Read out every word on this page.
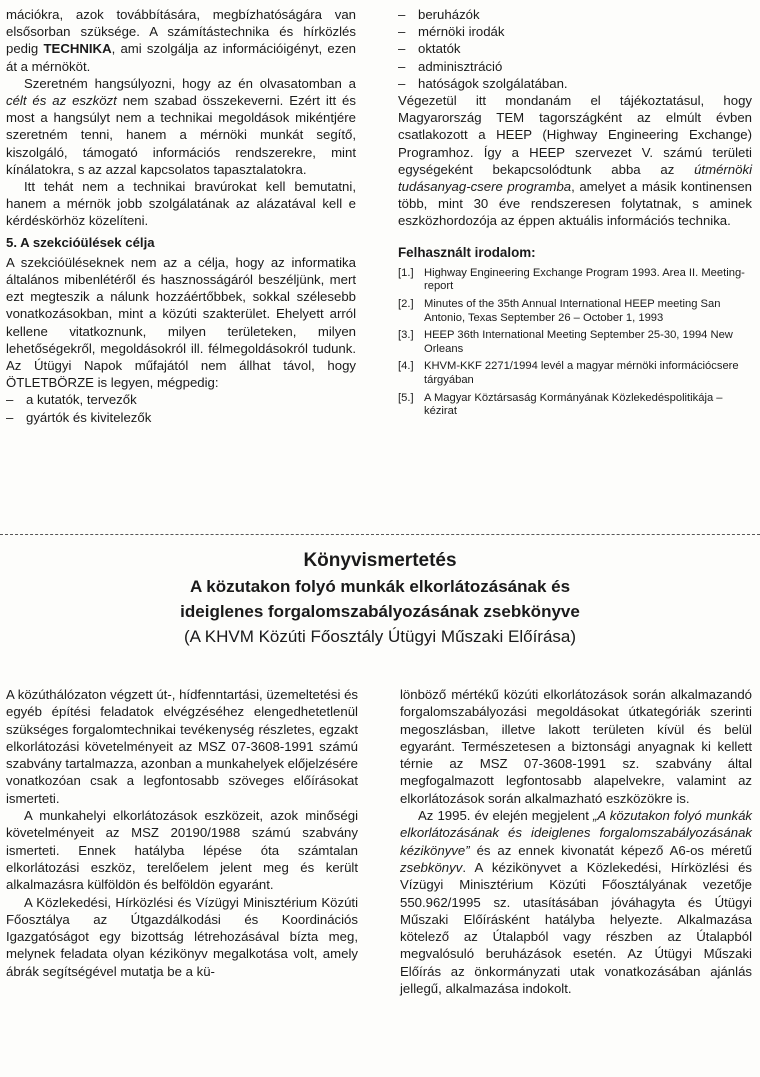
mációkra, azok továbbítására, megbízhatóságára van elsősorban szüksége. A számítástechnika és hírközlés pedig TECHNIKA, ami szolgálja az információigényt, ezen át a mérnököt.

Szeretném hangsúlyozni, hogy az én olvasatomban a célt és az eszközt nem szabad összekeverni. Ezért itt és most a hangsúlyt nem a technikai megoldások mikéntjére szeretném tenni, hanem a mérnöki munkát segítő, kiszolgáló, támogató információs rendszerekre, mint kínálatokra, s az azzal kapcsolatos tapasztalatokra.

Itt tehát nem a technikai bravúrokat kell bemutatni, hanem a mérnök jobb szolgálatának az alázatával kell e kérdéskörhöz közelíteni.

5. A szekcióülések célja

A szekcióüléseknek nem az a célja, hogy az informatika általános mibenlétéről és hasznosságáról beszéljünk, mert ezt megteszik a nálunk hozzáértőbbek, sokkal szélesebb vonatkozásokban, mint a közúti szakterület. Ehelyett arról kellene vitatkoznunk, milyen területeken, milyen lehetőségekről, megoldásokról ill. félmegoldásokról tudunk. Az Útügyi Napok műfajától nem állhat távol, hogy ÖTLETBÖRZE is legyen, mégpedig:

– a kutatók, tervezők
– gyártók és kivitelezők
– beruházók
– mérnöki irodák
– oktatók
– adminisztráció
– hatóságok szolgálatában.

Végezetül itt mondanám el tájékoztatásul, hogy Magyarország TEM tagországként az elmúlt évben csatlakozott a HEEP (Highway Engineering Exchange) Programhoz. Így a HEEP szervezet V. számú területi egységeként bekapcsolódtunk abba az útmérnöki tudásanyag-csere programba, amelyet a másik kontinensen több, mint 30 éve rendszeresen folytatnak, s aminek eszközhordozója az éppen aktuális információs technika.

Felhasznált irodalom:
[1.] Highway Engineering Exchange Program 1993. Area II. Meeting- report
[2.] Minutes of the 35th Annual International HEEP meeting San Antonio, Texas September 26 – October 1, 1993
[3.] HEEP 36th International Meeting September 25-30, 1994 New Orleans
[4.] KHVM-KKF 2271/1994 levél a magyar mérnöki információcsere tárgyában
[5.] A Magyar Köztársaság Kormányának Közlekedéspolitikája – kézirat
Könyvismertetés
A közutakon folyó munkák elkorlátozásának és
ideiglenes forgalomszabályozásának zsebkönyve
(A KHVM Közúti Főosztály Útügyi Műszaki Előírása)

A közúthálózaton végzett út-, hídfenntartási, üzemeltetési és egyéb építési feladatok elvégzéséhez elengedhetetlenül szükséges forgalomtechnikai tevékenység részletes, egzakt elkorlátozási követelményeit az MSZ 07-3608-1991 számú szabvány tartalmazza, azonban a munkahelyek előjelzésére vonatkozóan csak a legfontosabb szöveges előírásokat ismerteti.

A munkahelyi elkorlátozások eszközeit, azok minőségi követelményeit az MSZ 20190/1988 számú szabvány ismerteti. Ennek hatályba lépése óta számtalan elkorlátozási eszköz, terelőelem jelent meg és került alkalmazásra külföldön és belföldön egyaránt.

A Közlekedési, Hírközlési és Vízügyi Minisztérium Közúti Főosztálya az Útgazdálkodási és Koordinációs Igazgatóságot egy bizottság létrehozásával bízta meg, melynek feladata olyan kézikönyv megalkotása volt, amely ábrák segítségével mutatja be a kü-

lönböző mértékű közúti elkorlátozások során alkalmazandó forgalomszabályozási megoldásokat útkategóriák szerinti megoszlásban, illetve lakott területen kívül és belül egyaránt. Természetesen a biztonsági anyagnak ki kellett térnie az MSZ 07-3608-1991 sz. szabvány által megfogalmazott legfontosabb alapelvekre, valamint az elkorlátozások során alkalmazható eszközökre is.

Az 1995. év elején megjelent „A közutakon folyó munkák elkorlátozásának és ideiglenes forgalomszabályozásának kézikönyve” és az ennek kivonatát képező A6-os méretű zsebkönyv. A kézikönyvet a Közlekedési, Hírközlési és Vízügyi Minisztérium Közúti Főosztályának vezetője 550.962/1995 sz. utasításában jóváhagyta és Útügyi Műszaki Előírásként hatályba helyezte. Alkalmazása kötelező az Útalapból vagy részben az Útalapból megvalósuló beruházások esetén. Az Útügyi Műszaki Előírás az önkormányzati utak vonatkozásában ajánlás jellegű, alkalmazása indokolt.
